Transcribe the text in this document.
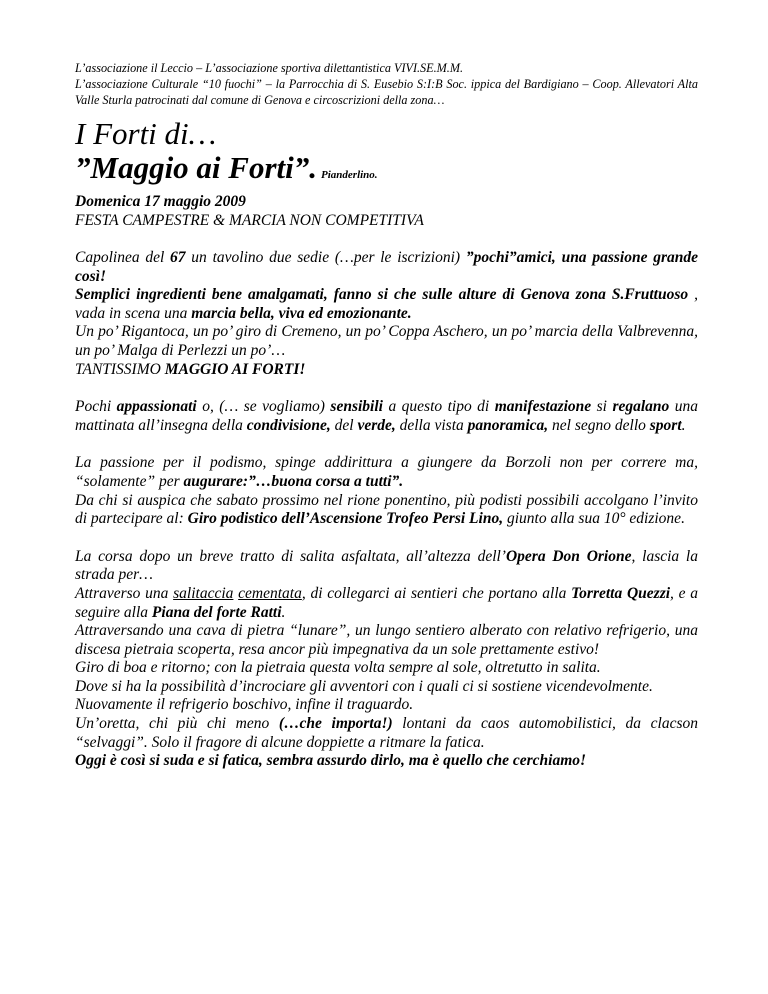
L’associazione il Leccio – L’associazione sportiva dilettantistica VIVI.SE.M.M.

L’associazione Culturale “10 fuochi” – la Parrocchia di S. Eusebio S:I:B Soc. ippica del Bardigiano – Coop. Allevatori Alta Valle Sturla patrocinati dal comune di Genova e circoscrizioni della zona…

I Forti di…
”Maggio ai Forti”. Pianderlino.
Domenica 17 maggio 2009
FESTA CAMPESTRE & MARCIA NON COMPETITIVA

Capolinea del 67 un tavolino due sedie (…per le iscrizioni) ”pochi”amici, una passione grande così!

Semplici ingredienti bene amalgamati, fanno si che sulle alture di Genova zona S.Fruttuoso , vada in scena una marcia bella, viva ed emozionante.

Un po’ Rigantoca, un po’ giro di Cremeno, un po’ Coppa Aschero, un po’ marcia della Valbrevenna, un po’ Malga di Perlezzi un po’…

TANTISSIMO MAGGIO AI FORTI!

Pochi appassionati o, (… se vogliamo) sensibili a questo tipo di manifestazione si regalano una mattinata all’insegna della condivisione, del verde, della vista panoramica, nel segno dello sport.

La passione per il podismo, spinge addirittura a giungere da Borzoli non per correre ma, “solamente” per augurare:”…buona corsa a tutti”.

Da chi si auspica che sabato prossimo nel rione ponentino, più podisti possibili accolgano l’invito di partecipare al: Giro podistico dell’Ascensione Trofeo Persi Lino, giunto alla sua 10° edizione.

La corsa dopo un breve tratto di salita asfaltata, all’altezza dell’Opera Don Orione, lascia la strada per…

Attraverso una salitaccia cementata, di collegarci ai sentieri che portano alla Torretta Quezzi, e a seguire alla Piana del forte Ratti.

Attraversando una cava di pietra “lunare”, un lungo sentiero alberato con relativo refrigerio, una discesa pietraia scoperta, resa ancor più impegnativa da un sole prettamente estivo!

Giro di boa e ritorno; con la pietraia questa volta sempre al sole, oltretutto in salita.

Dove si ha la possibilità d’incrociare gli avventori con i quali ci si sostiene vicendevolmente.

Nuovamente il refrigerio boschivo, infine il traguardo.

Un’oretta, chi più chi meno (…che importa!) lontani da caos automobilistici, da clacson “selvaggi”. Solo il fragore di alcune doppiette a ritmare la fatica.

Oggi è così si suda e si fatica, sembra assurdo dirlo, ma è quello che cerchiamo!
